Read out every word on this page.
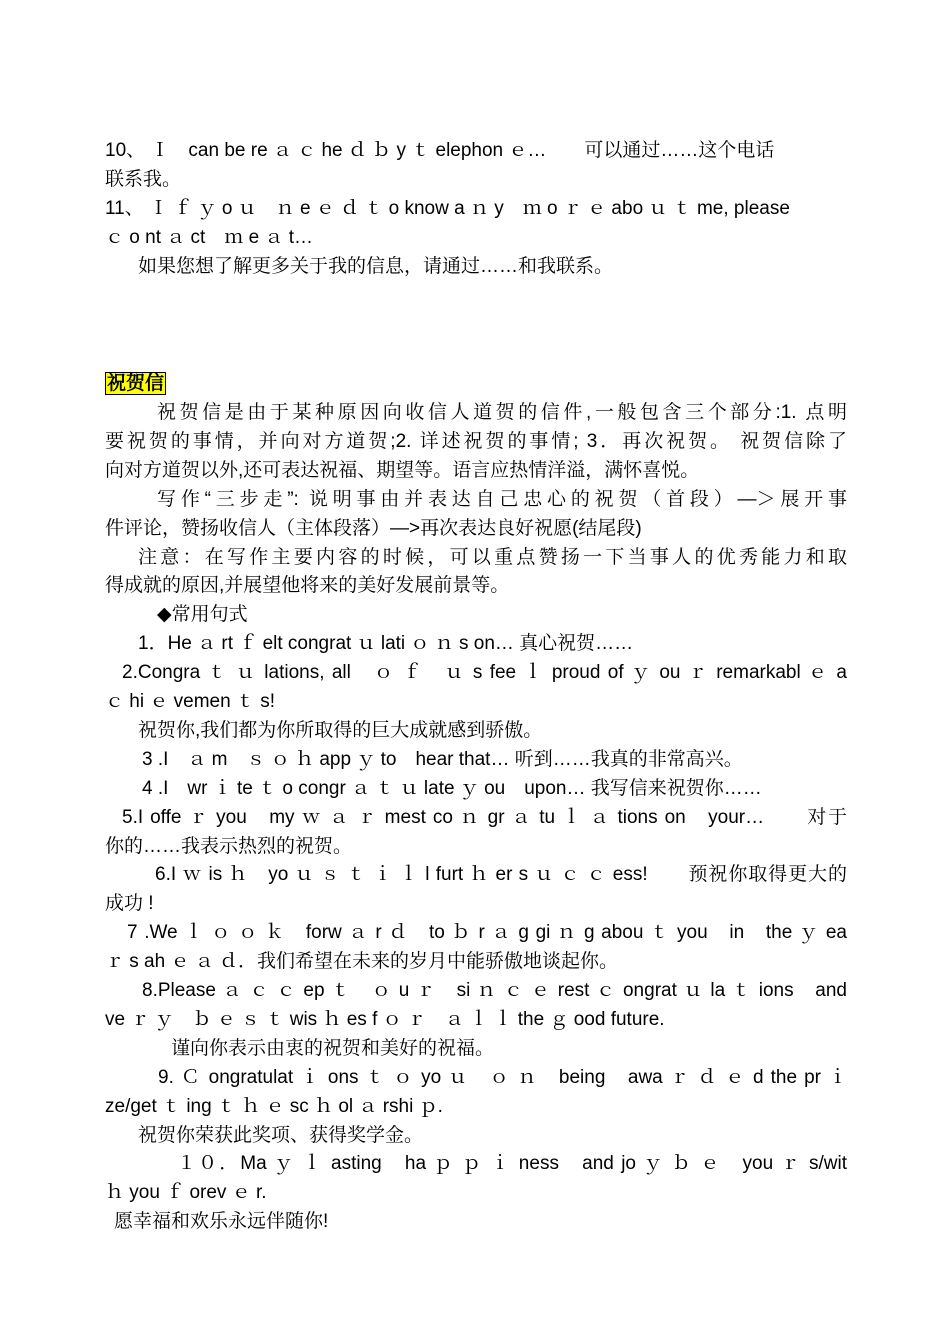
10、 Ｉ　can be re ａ ｃ he ｄ ｂ y ｔ elephon ｅ…　　可以通过……这个电话
联系我。
11、 Ｉ ｆ ｙ o ｕ　ｎ e ｅ ｄ ｔ o know a ｎ y　ｍ o ｒ ｅ abo ｕ ｔ me, please
ｃ o nt ａ ct　ｍ e ａ t…
如果您想了解更多关于我的信息，请通过……和我联系。
祝贺信
祝贺信是由于某种原因向收信人道贺的信件,一般包含三个部分:1. 点明
要祝贺的事情，并向对方道贺;2. 详述祝贺的事情; 3．再次祝贺。 祝贺信除了
向对方道贺以外,还可表达祝福、期望等。语言应热情洋溢，满怀喜悦。
写作“三步走”: 说明事由并表达自己忠心的祝贺（首段）—＞展开事
件评论，赞扬收信人（主体段落）—>再次表达良好祝愿(结尾段)
注意：在写作主要内容的时候，可以重点赞扬一下当事人的优秀能力和取
得成就的原因,并展望他将来的美好发展前景等。
◆常用句式
1．He ａ rt ｆ elt congrat ｕ lati ｏ ｎ s on… 真心祝贺……
2.Congra ｔ ｕ lations, all　ｏ ｆ　ｕ s fee ｌ proud of ｙ ou ｒ remarkabl ｅ a
ｃ hi ｅ vemen ｔ s!
祝贺你,我们都为你所取得的巨大成就感到骄傲。
3 .I　ａ m　ｓ ｏ ｈ app ｙ to　hear that… 听到……我真的非常高兴。
4 .I　wr ｉ te ｔ o congr ａ ｔ ｕ late ｙ ou　upon… 我写信来祝贺你……
5.I offe ｒ you　my ｗ ａ ｒ mest co ｎ gr ａ tu ｌ ａ tions on　your…　　对于
你的……我表示热烈的祝贺。
6.I ｗ is ｈ　yo ｕ ｓ ｔ ｉ ｌ l furt ｈ er s ｕ ｃ ｃ ess!　　预祝你取得更大的
成功 !
7 .We ｌ ｏ ｏ ｋ　forw ａ r ｄ　to ｂ r ａ g gi ｎ g abou ｔ you　in　the ｙ ea
ｒ s ah ｅ ａ ｄ．我们希望在未来的岁月中能骄傲地谈起你。
8.Please ａ ｃ ｃ ep ｔ　ｏ u ｒ　si ｎ ｃ ｅ rest ｃ ongrat ｕ la ｔ ions　and
ve ｒ ｙ　ｂ ｅ ｓ ｔ wis ｈ es f ｏ ｒ　ａ ｌ ｌ the ｇ ood future.
谨向你表示由衷的祝贺和美好的祝福。
9. Ｃ ongratulat ｉ ons ｔ ｏ yo ｕ　ｏ ｎ　being　awa ｒ ｄ ｅ d the pr ｉ
ze/get ｔ ing ｔ ｈ ｅ sc ｈ ol ａ rshi ｐ.
祝贺你荣获此奖项、获得奖学金。
１０．Ma ｙ ｌ asting　ha ｐ ｐ ｉ ness　and jo ｙ ｂ ｅ　you ｒ s/wit
ｈ you ｆ orev ｅ r.
愿幸福和欢乐永远伴随你!
